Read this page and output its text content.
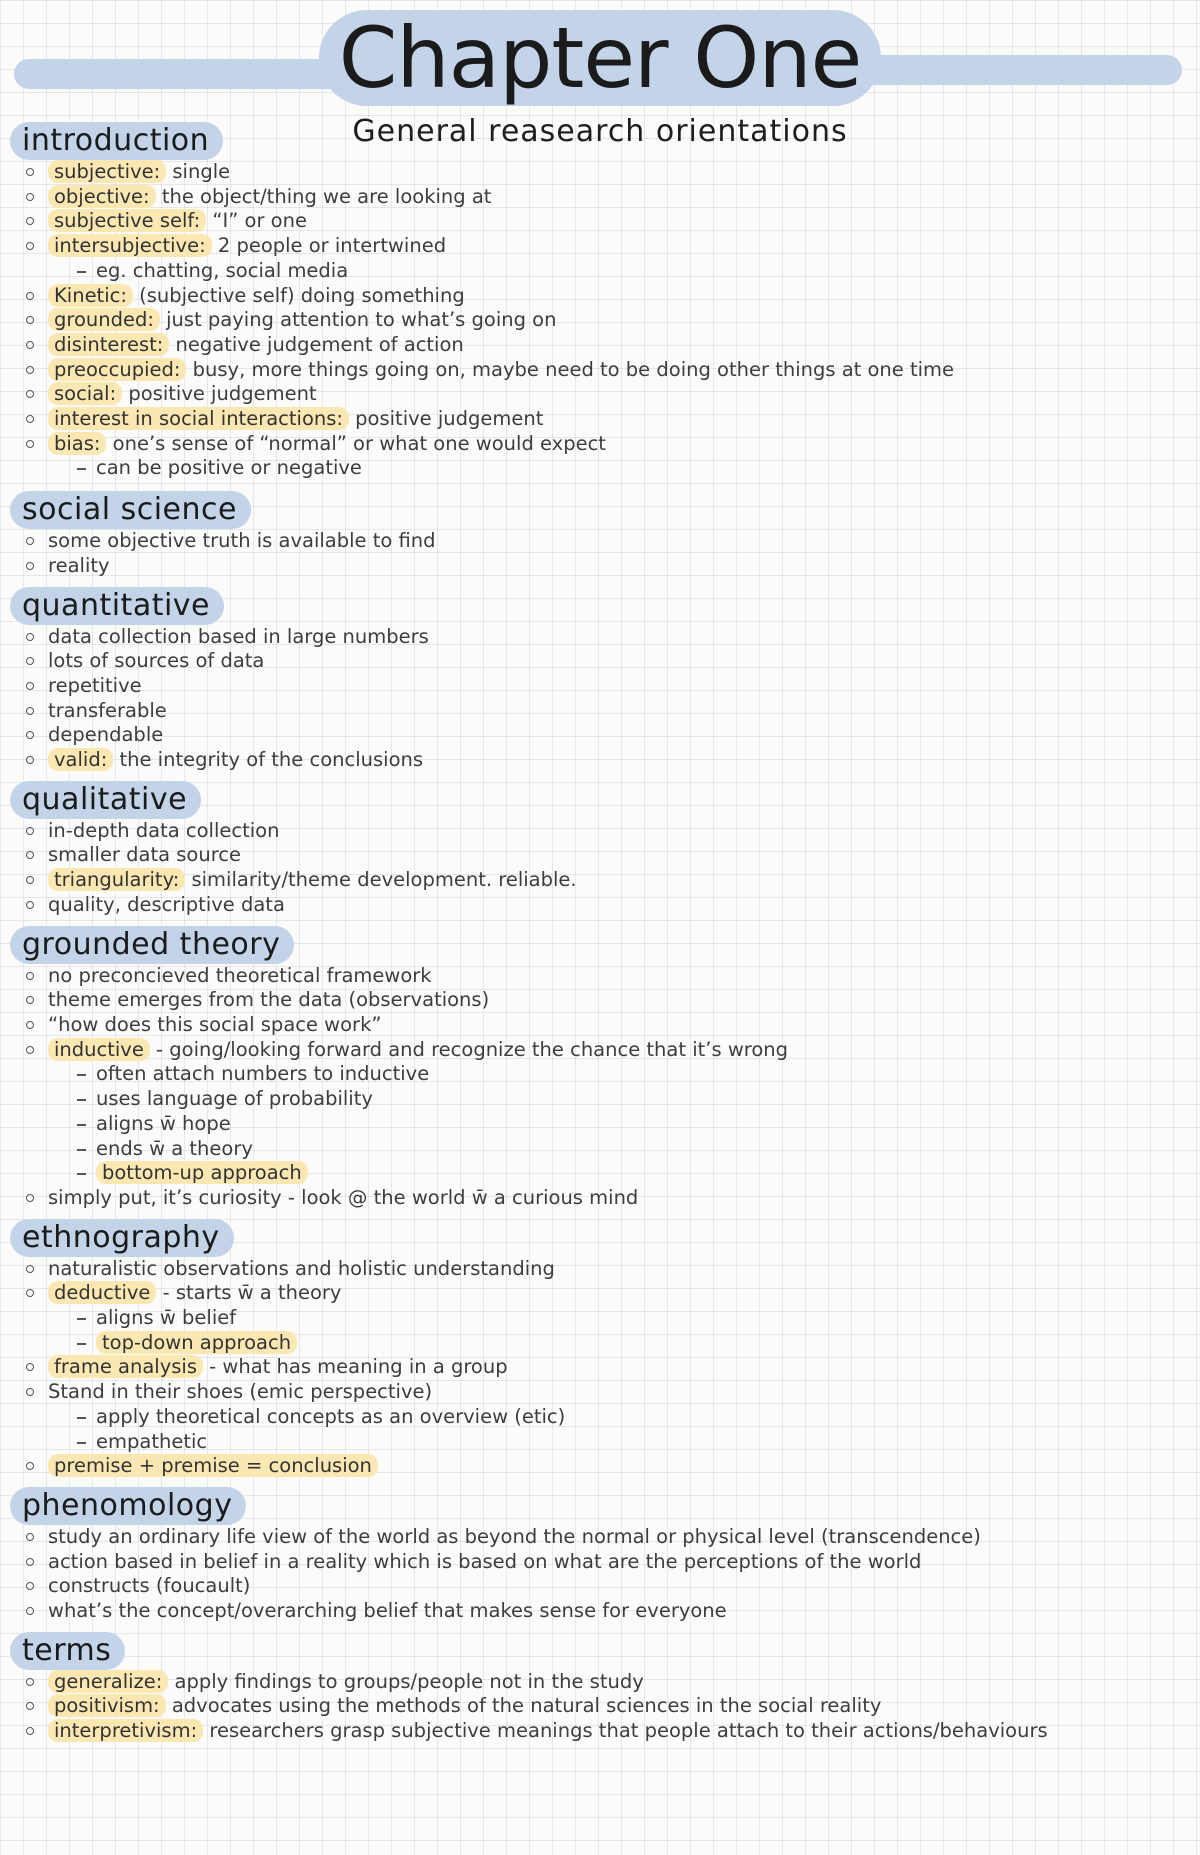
Chapter One
General reasearch orientations
introduction
subjective: single
objective: the object/thing we are looking at
subjective self: “I” or one
intersubjective: 2 people or intertwined
eg. chatting, social media
Kinetic: (subjective self) doing something
grounded: just paying attention to what’s going on
disinterest: negative judgement of action
preoccupied: busy, more things going on, maybe need to be doing other things at one time
social: positive judgement
interest in social interactions: positive judgement
bias: one’s sense of “normal” or what one would expect
can be positive or negative
social science
some objective truth is available to find
reality
quantitative
data collection based in large numbers
lots of sources of data
repetitive
transferable
dependable
valid: the integrity of the conclusions
qualitative
in-depth data collection
smaller data source
triangularity: similarity/theme development. reliable.
quality, descriptive data
grounded theory
no preconcieved theoretical framework
theme emerges from the data (observations)
“how does this social space work”
inductive - going/looking forward and recognize the chance that it’s wrong
often attach numbers to inductive
uses language of probability
aligns w̄ hope
ends w̄ a theory
bottom-up approach
simply put, it’s curiosity - look @ the world w̄ a curious mind
ethnography
naturalistic observations and holistic understanding
deductive - starts w̄ a theory
aligns w̄ belief
top-down approach
frame analysis - what has meaning in a group
Stand in their shoes (emic perspective)
apply theoretical concepts as an overview (etic)
empathetic
premise + premise = conclusion
phenomology
study an ordinary life view of the world as beyond the normal or physical level (transcendence)
action based in belief in a reality which is based on what are the perceptions of the world
constructs (foucault)
what’s the concept/overarching belief that makes sense for everyone
terms
generalize: apply findings to groups/people not in the study
positivism: advocates using the methods of the natural sciences in the social reality
interpretivism: researchers grasp subjective meanings that people attach to their actions/behaviours
